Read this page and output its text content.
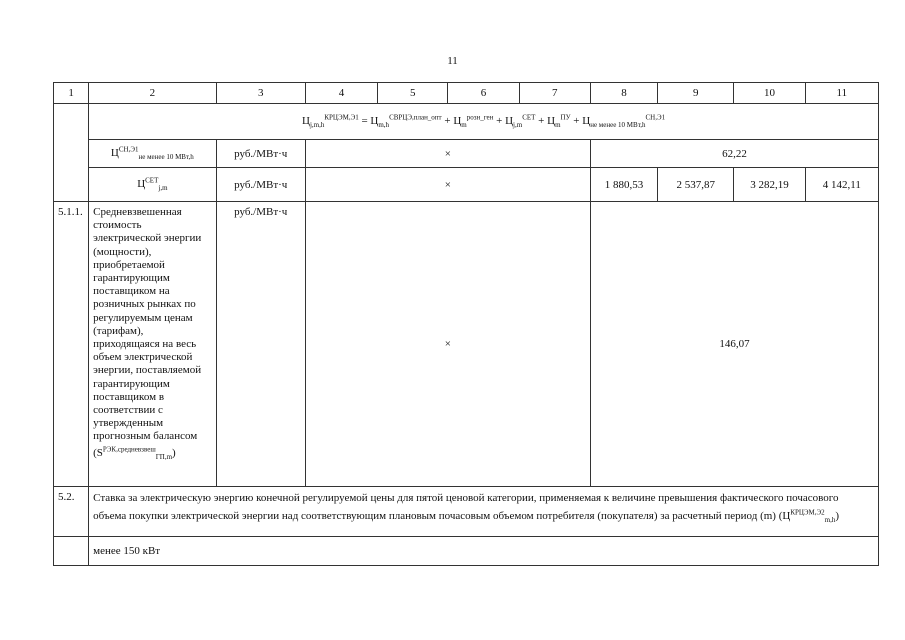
11
1	2	3	4	5	6	7	8	9	10	11
	$Ц_{j,m,h}^{КРЦЭМ,Э1} = Ц_{m,h}^{СВРЦЭ,план\_опт} + Ц_m^{розн\_ген} + Ц_{j,m}^{СЕТ} + Ц_m^{ПУ} + Ц_{не менее 10 МВт,h}^{СН,Э1}$
	$Ц^{СН,Э1}_{не менее 10 МВт,h}$	руб./МВт·ч	×				62,22			
	$Ц^{СЕТ}_{j,m}$	руб./МВт·ч	×				1 880,53	2 537,87	3 282,19	4 142,11
5.1.1.	Средневзвешенная стоимость электрической энергии (мощности), приобретаемой гарантирующим поставщиком на розничных рынках по регулируемым ценам (тарифам), приходящаяся на весь объем электрической энергии, поставляемой гарантирующим поставщиком в соответствии с утвержденным прогнозным балансом $(S^{РЭК,средневзвеш}_{ГП,m})$	руб./МВт·ч	×				146,07			
5.2.	Ставка за электрическую энергию конечной регулируемой цены для пятой ценовой категории, применяемая к величине превышения фактического почасового объема покупки электрической энергии над соответствующим плановым почасовым объемом потребителя (покупателя) за расчетный период (m) $(Ц^{КРЦЭМ,Э2}_{m,h})$									
	менее 150 кВт									
